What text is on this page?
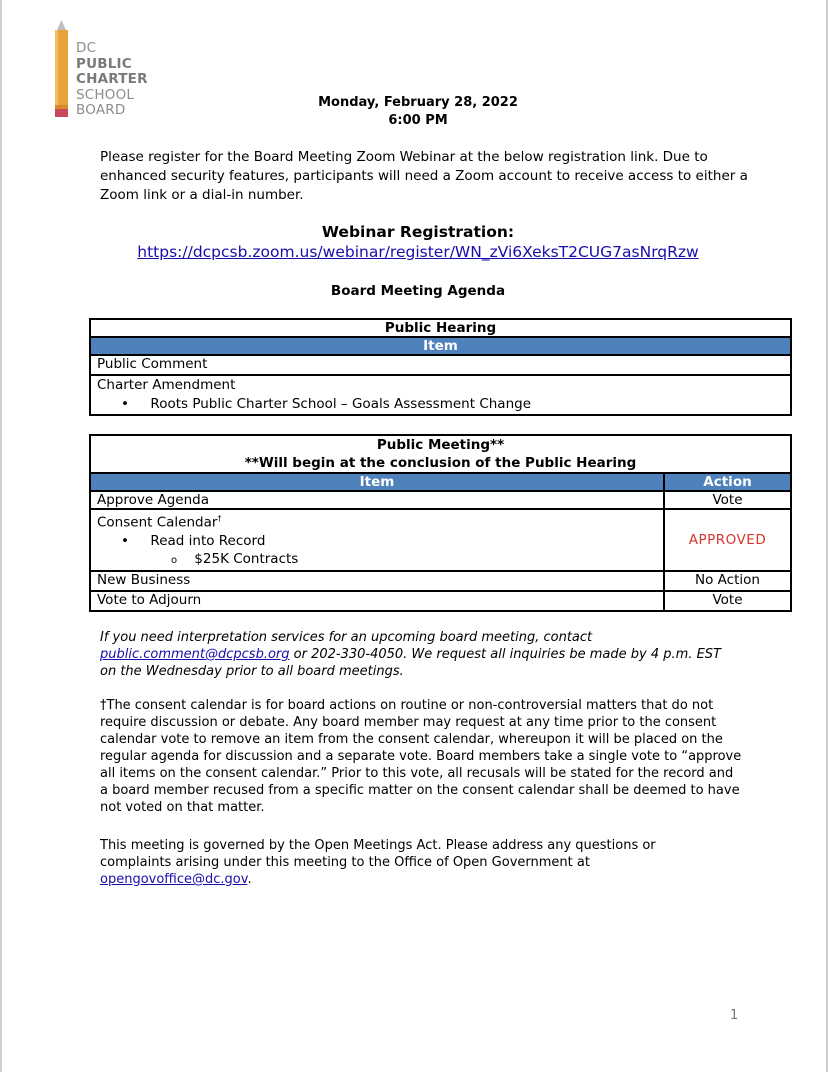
DC
PUBLIC
CHARTER
SCHOOL
BOARD	Monday, February 28, 2022
6:00 PM
Please register for the Board Meeting Zoom Webinar at the below registration link. Due to enhanced security features, participants will need a Zoom account to receive access to either a Zoom link or a dial-in number.
Webinar Registration:
https://dcpcsb.zoom.us/webinar/register/WN_zVi6XeksT2CUG7asNrqRzw
Board Meeting Agenda
Public Hearing
Item
Public Comment

Charter Amendment
•     Roots Public Charter School – Goals Assessment Change
Public Meeting**
**Will begin at the conclusion of the Public Hearing	

Item	Action
Approve Agenda	Vote

Consent Calendar†
•     Read into Record
o $25K Contracts	APPROVED
New Business	No Action
Vote to Adjourn	Vote
If you need interpretation services for an upcoming board meeting, contact
public.comment@dcpcsb.org or 202-330-4050. We request all inquiries be made by 4 p.m. EST on the Wednesday prior to all board meetings.
†The consent calendar is for board actions on routine or non-controversial matters that do not require discussion or debate. Any board member may request at any time prior to the consent calendar vote to remove an item from the consent calendar, whereupon it will be placed on the regular agenda for discussion and a separate vote. Board members take a single vote to “approve all items on the consent calendar.” Prior to this vote, all recusals will be stated for the record and a board member recused from a specific matter on the consent calendar shall be deemed to have not voted on that matter.
This meeting is governed by the Open Meetings Act. Please address any questions or complaints arising under this meeting to the Office of Open Government at opengovoffice@dc.gov.
1
